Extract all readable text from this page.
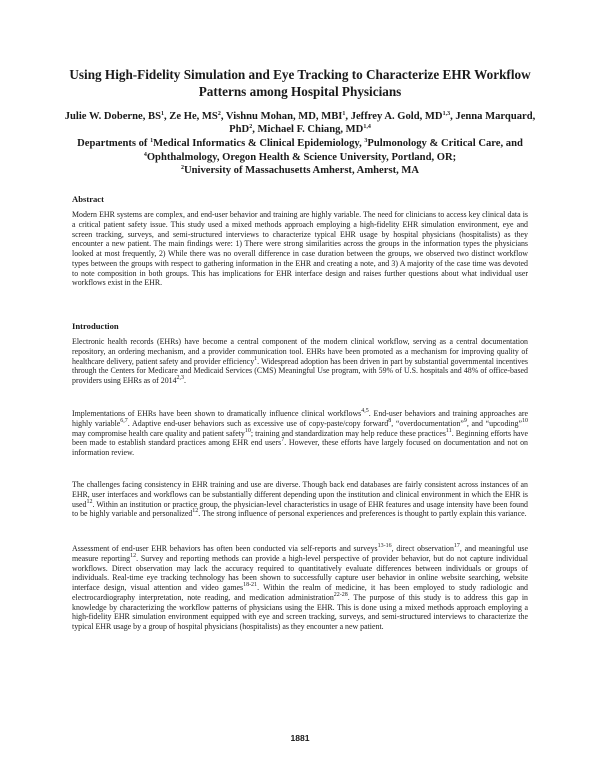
Using High-Fidelity Simulation and Eye Tracking to Characterize EHR Workflow Patterns among Hospital Physicians
Julie W. Doberne, $BS^1$, Ze He, $MS^2$, Vishnu Mohan, MD, MBI$^1$, Jeffrey A. Gold, MD$^{1,3}$, Jenna Marquard, PhD$^2$, Michael F. Chiang, MD$^{1,4}$
Departments of $^1$Medical Informatics & Clinical Epidemiology, $^3$Pulmonology & Critical Care, and $^4$Ophthalmology, Oregon Health & Science University, Portland, OR;
$^2$University of Massachusetts Amherst, Amherst, MA
Abstract

Modern EHR systems are complex, and end-user behavior and training are highly variable. The need for clinicians to access key clinical data is a critical patient safety issue. This study used a mixed methods approach employing a high-fidelity EHR simulation environment, eye and screen tracking, surveys, and semi-structured interviews to characterize typical EHR usage by hospital physicians (hospitalists) as they encounter a new patient. The main findings were: 1) There were strong similarities across the groups in the information types the physicians looked at most frequently, 2) While there was no overall difference in case duration between the groups, we observed two distinct workflow types between the groups with respect to gathering information in the EHR and creating a note, and 3) A majority of the case time was devoted to note composition in both groups. This has implications for EHR interface design and raises further questions about what individual user workflows exist in the EHR.

Introduction

Electronic health records (EHRs) have become a central component of the modern clinical workflow, serving as a central documentation repository, an ordering mechanism, and a provider communication tool. EHRs have been promoted as a mechanism for improving quality of healthcare delivery, patient safety and provider efficiency$^1$. Widespread adoption has been driven in part by substantial governmental incentives through the Centers for Medicare and Medicaid Services (CMS) Meaningful Use program, with 59% of U.S. hospitals and 48% of office-based providers using EHRs as of 2014$^{2,3}$.

Implementations of EHRs have been shown to dramatically influence clinical workflows$^{4,5}$. End-user behaviors and training approaches are highly variable$^{6,7}$. Adaptive end-user behaviors such as excessive use of copy-paste/copy forward$^8$, “overdocumentation”$^9$, and “upcoding”$^{10}$ may compromise health care quality and patient safety$^{10}$; training and standardization may help reduce these practices$^{11}$. Beginning efforts have been made to establish standard practices among EHR end users$^7$. However, these efforts have largely focused on documentation and not on information review.

The challenges facing consistency in EHR training and use are diverse. Though back end databases are fairly consistent across instances of an EHR, user interfaces and workflows can be substantially different depending upon the institution and clinical environment in which the EHR is used$^{12}$. Within an institution or practice group, the physician-level characteristics in usage of EHR features and usage intensity have been found to be highly variable and personalized$^{12}$. The strong influence of personal experiences and preferences is thought to partly explain this variance.

Assessment of end-user EHR behaviors has often been conducted via self-reports and surveys$^{13-16}$, direct observation$^{17}$, and meaningful use measure reporting$^{12}$. Survey and reporting methods can provide a high-level perspective of provider behavior, but do not capture individual workflows. Direct observation may lack the accuracy required to quantitatively evaluate differences between individuals or groups of individuals. Real-time eye tracking technology has been shown to successfully capture user behavior in online website searching, website interface design, visual attention and video games$^{18-21}$. Within the realm of medicine, it has been employed to study radiologic and electrocardiography interpretation, note reading, and medication administration$^{22-28}$. The purpose of this study is to address this gap in knowledge by characterizing the workflow patterns of physicians using the EHR. This is done using a mixed methods approach employing a high-fidelity EHR simulation environment equipped with eye and screen tracking, surveys, and semi-structured interviews to characterize the typical EHR usage by a group of hospital physicians (hospitalists) as they encounter a new patient.

1881
